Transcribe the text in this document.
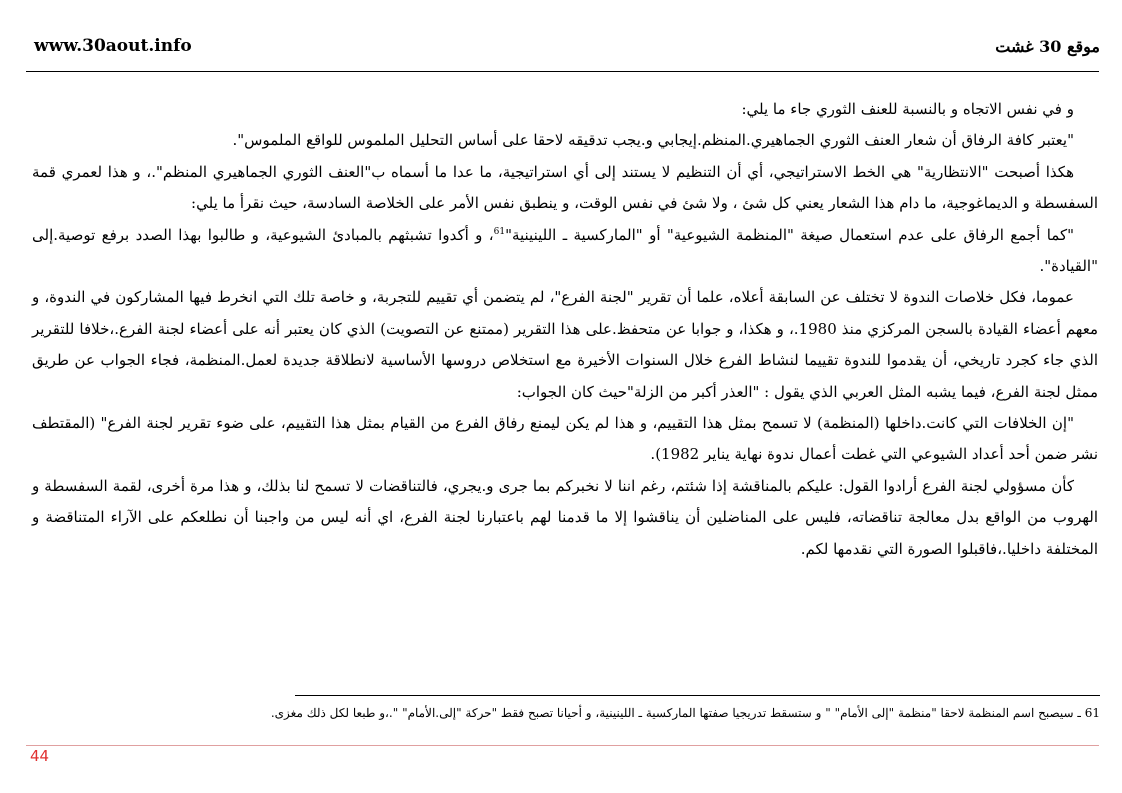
www.30aout.info	موقع 30 غشت

و في نفس الاتجاه و بالنسبة للعنف الثوري جاء ما يلي:

"يعتبر كافة الرفاق أن شعار العنف الثوري الجماهيري.المنظم.إيجابي و.يجب تدقيقه لاحقا على أساس التحليل الملموس للواقع الملموس".

هكذا أصبحت "الانتظارية" هي الخط الاستراتيجي، أي أن التنظيم لا يستند إلى أي استراتيجية، ما عدا ما أسماه ب"العنف الثوري الجماهيري المنظم".، و هذا لعمري قمة السفسطة و الديماغوجية، ما دام هذا الشعار يعني كل شئ ، ولا شئ في نفس الوقت، و ينطبق نفس الأمر على الخلاصة السادسة، حيث نقرأ ما يلي:

"كما أجمع الرفاق على عدم استعمال صيغة "المنظمة الشيوعية" أو "الماركسية ـ اللينينية"$^{61}$، و أكدوا تشبثهم بالمبادئ الشيوعية، و طالبوا بهذا الصدد برفع توصية.إلى "القيادة".

عموما، فكل خلاصات الندوة لا تختلف عن السابقة أعلاه، علما أن تقرير "لجنة الفرع"، لم يتضمن أي تقييم للتجربة، و خاصة تلك التي انخرط فيها المشاركون في الندوة، و معهم أعضاء القيادة بالسجن المركزي منذ 1980.، و هكذا، و جوابا عن متحفظ.على هذا التقرير (ممتنع عن التصويت) الذي كان يعتبر أنه على أعضاء لجنة الفرع.،خلافا للتقرير الذي جاء كجرد تاريخي، أن يقدموا للندوة تقييما لنشاط الفرع خلال السنوات الأخيرة مع استخلاص دروسها الأساسية لانطلاقة جديدة لعمل.المنظمة، فجاء الجواب عن طريق ممثل لجنة الفرع، فيما يشبه المثل العربي الذي يقول : "العذر أكبر من الزلة"حيث كان الجواب:

"إن الخلافات التي كانت.داخلها (المنظمة) لا تسمح بمثل هذا التقييم، و هذا لم يكن ليمنع رفاق الفرع من القيام بمثل هذا التقييم، على ضوء تقرير لجنة الفرع" (المقتطف نشر ضمن أحد أعداد الشيوعي التي غطت أعمال ندوة نهاية يناير 1982).

كأن مسؤولي لجنة الفرع أرادوا القول: عليكم بالمناقشة إذا شئتم، رغم اننا لا نخبركم بما جرى و.يجري، فالتناقضات لا تسمح لنا بذلك، و هذا مرة أخرى، لقمة السفسطة و الهروب من الواقع بدل معالجة تناقضاته، فليس على المناضلين أن يناقشوا إلا ما قدمنا لهم باعتبارنا لجنة الفرع، اي أنه ليس من واجبنا أن نطلعكم على الآراء المتناقضة و المختلفة داخليا.،فاقبلوا الصورة التي نقدمها لكم.

61 ـ سيصبح اسم المنظمة لاحقا "منظمة "إلى الأمام" " و ستسقط تدريجيا صفتها الماركسية ـ اللينينية، و أحيانا تصبح فقط "حركة "إلى.الأمام" ".،و طبعا لكل ذلك مغزى.
44
